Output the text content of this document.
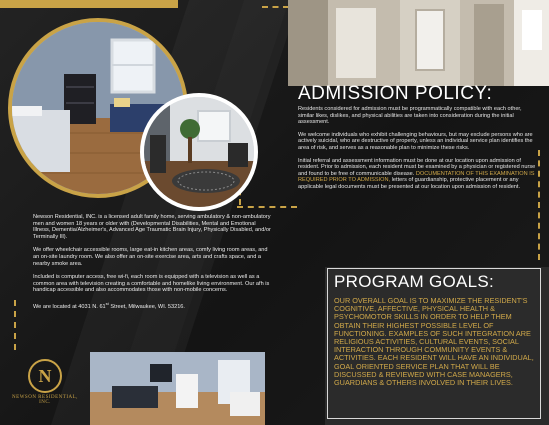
N
NEWSON RESIDENTIAL, INC.
ADMISSION POLICY:

Residents considered for admission must be programmatically compatible with each other, similar likes, dislikes, and physical abilities are taken into consideration during the initial assessment.

We welcome individuals who exhibit challenging behaviours, but may exclude persons who are actively suicidal, who are destructive of property, unless an individual service plan identifies the area of risk, and serves as a reasonable plan to minimize these risks.

Initial referral and assessment information must be done at our location upon admission of resident. Prior to admission, each resident must be examined by a physician or registered nurse and found to be free of communicable disease. DOCUMENTATION OF THIS EXAMINATION IS REQUIRED PRIOR TO ADMISSION, letters of guardianship, protective placement or any applicable legal documents must be presented at our location upon admission of resident.

Newson Residential, INC. is a licensed adult family home, serving ambulatory & non-ambulatory men and women 18 years or older with (Developmental Disabilities, Mental and Emotional Illness, Dementia/Alzheimer's, Advanced Age Traumatic Brain Injury, Physically Disabled, and/or Terminally Ill).

We offer wheelchair accessible rooms, large eat-in kitchen areas, comfy living room areas, and an on-site laundry room. We also offer an on-site exercise area, arts and crafts space, and a nearby smoke area.

Included is computer access, free wi-fi, each room is equipped with a television as well as a common area with television creating a comfortable and homelike living environment. Our afh is handicap accessible and also accommodates those with non-mobile concerns.

We are located at 4031 N. 61st Street, Milwaukee, WI. 53216.

PROGRAM GOALS:
OUR OVERALL GOAL IS TO MAXIMIZE THE RESIDENT'S COGNITIVE, AFFECTIVE, PHYSICAL HEALTH & PSYCHOMOTOR SKILLS IN ORDER TO HELP THEM OBTAIN THEIR HIGHEST POSSIBLE LEVEL OF FUNCTIONING. EXAMPLES OF SUCH INTEGRATION ARE RELIGIOUS ACTIVITIES, CULTURAL EVENTS, SOCIAL INTERACTION THROUGH COMMUNITY EVENTS & ACTIVITIES. EACH RESIDENT WILL HAVE AN INDIVIDUAL, GOAL ORIENTED SERVICE PLAN THAT WILL BE DISCUSSED & REVIEWED WITH CASE MANAGERS, GUARDIANS & OTHERS INVOLVED IN THEIR LIVES.
